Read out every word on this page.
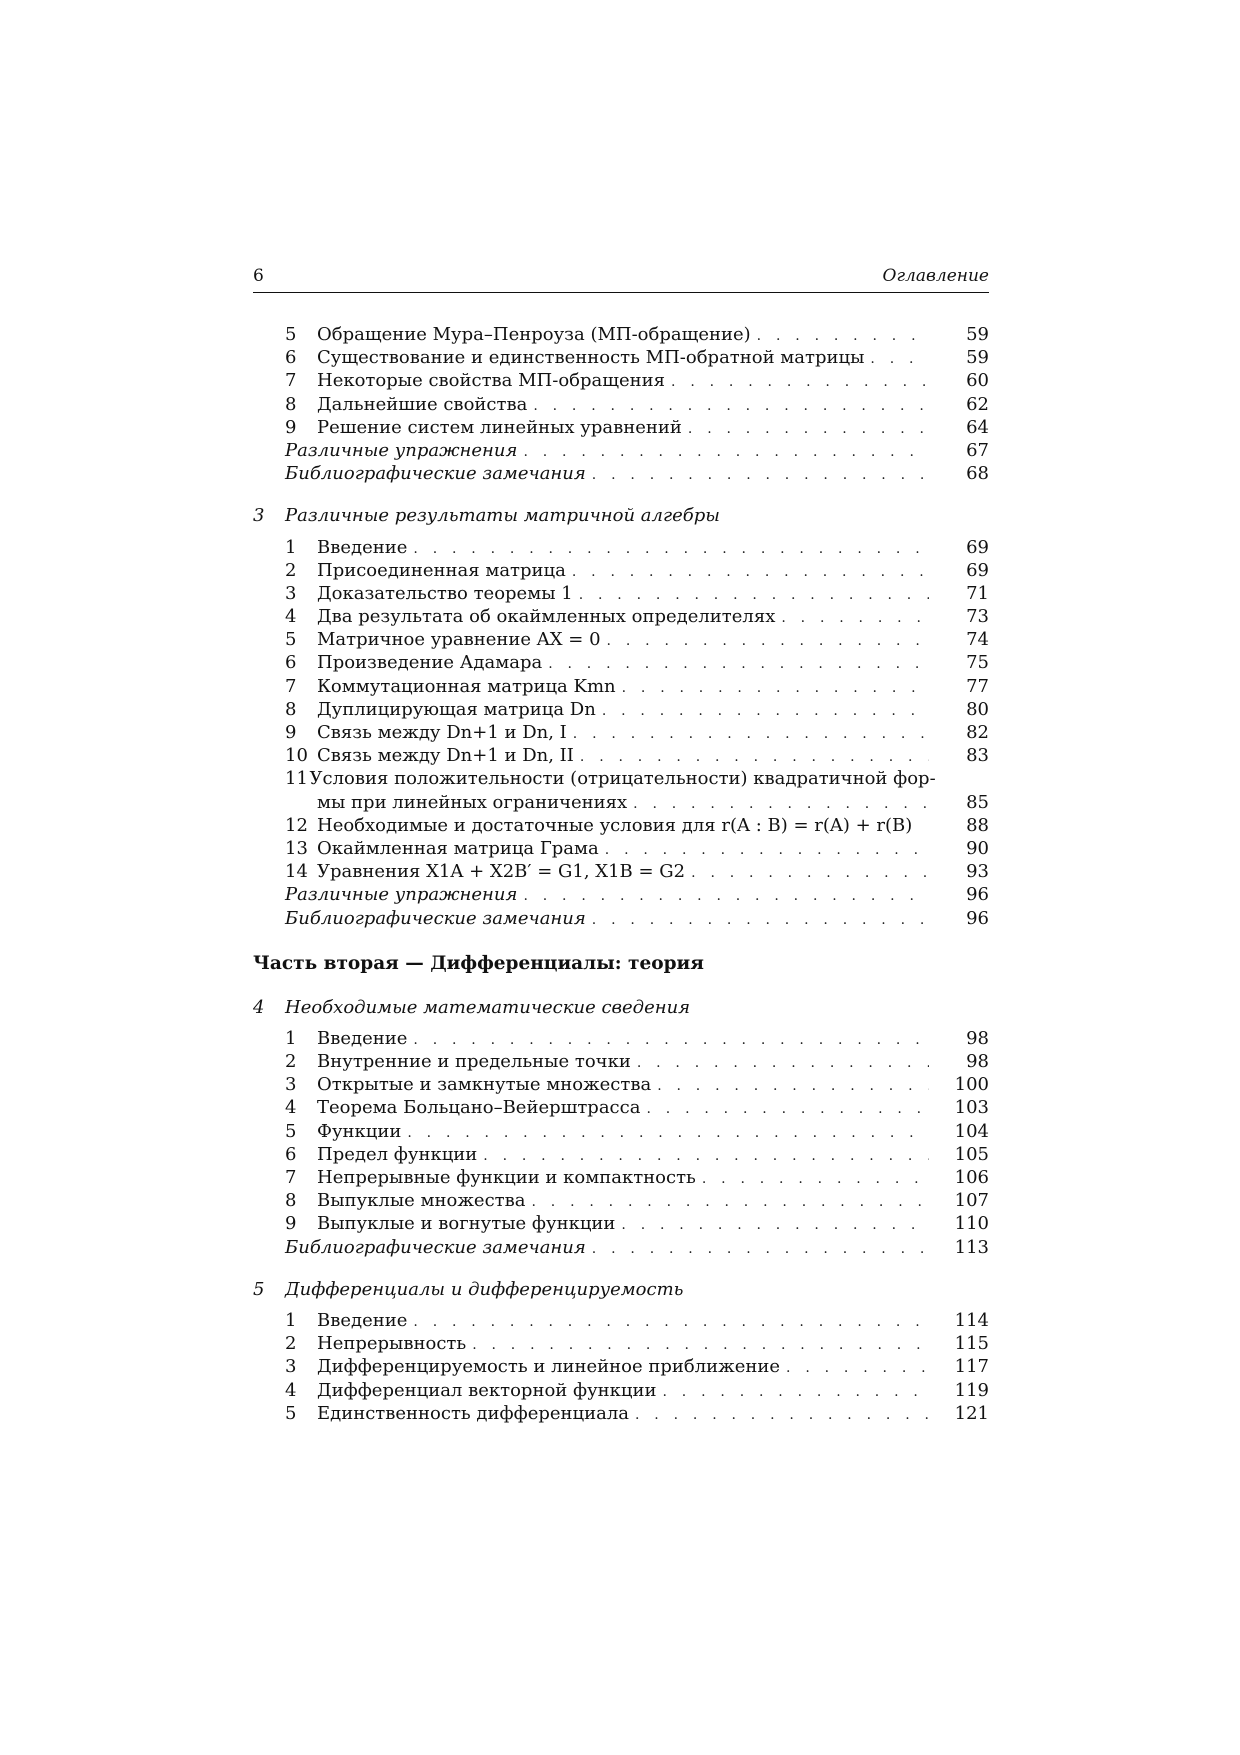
6	Оглавление
5	Обращение Мура–Пенроуза (МП-обращение) . . .	59
6	Существование и единственность МП-обратной матрицы . . .	59
7	Некоторые свойства МП-обращения . . .	60
8	Дальнейшие свойства . . .	62
9	Решение систем линейных уравнений . . .	64
Различные упражнения . . .	67
Библиографические замечания . . .	68
3	Различные результаты матричной алгебры
1	Введение . . .	69
2	Присоединенная матрица . . .	69
3	Доказательство теоремы 1 . . .	71
4	Два результата об окаймленных определителях . . .	73
5	Матричное уравнение AX = 0 . . .	74
6	Произведение Адамара . . .	75
7	Коммутационная матрица Kmn . . .	77
8	Дуплицирующая матрица Dn . . .	80
9	Связь между Dn+1 и Dn, I . . .	82
10 Связь между Dn+1 и Dn, II . . .	83
11 Условия положительности (отрицательности) квадратичной фор-
мы при линейных ограничениях . . .	85
12 Необходимые и достаточные условия для r(A : B) = r(A) + r(B)	88
13 Окаймленная матрица Грама . . .	90
14 Уравнения X1A + X2B′ = G1, X1B = G2 . . .	93
Различные упражнения . . .	96
Библиографические замечания . . .	96
Часть вторая — Дифференциалы: теория
4	Необходимые математические сведения
1	Введение . . .	98
2	Внутренние и предельные точки . . .	98
3	Открытые и замкнутые множества . . .	100
4	Теорема Больцано–Вейерштрасса . . .	103
5	Функции . . .	104
6	Предел функции . . .	105
7	Непрерывные функции и компактность . . .	106
8	Выпуклые множества . . .	107
9	Выпуклые и вогнутые функции . . .	110
Библиографические замечания . . .	113
5	Дифференциалы и дифференцируемость
1	Введение . . .	114
2	Непрерывность . . .	115
3	Дифференцируемость и линейное приближение . . .	117
4	Дифференциал векторной функции . . .	119
5	Единственность дифференциала . . .	121
